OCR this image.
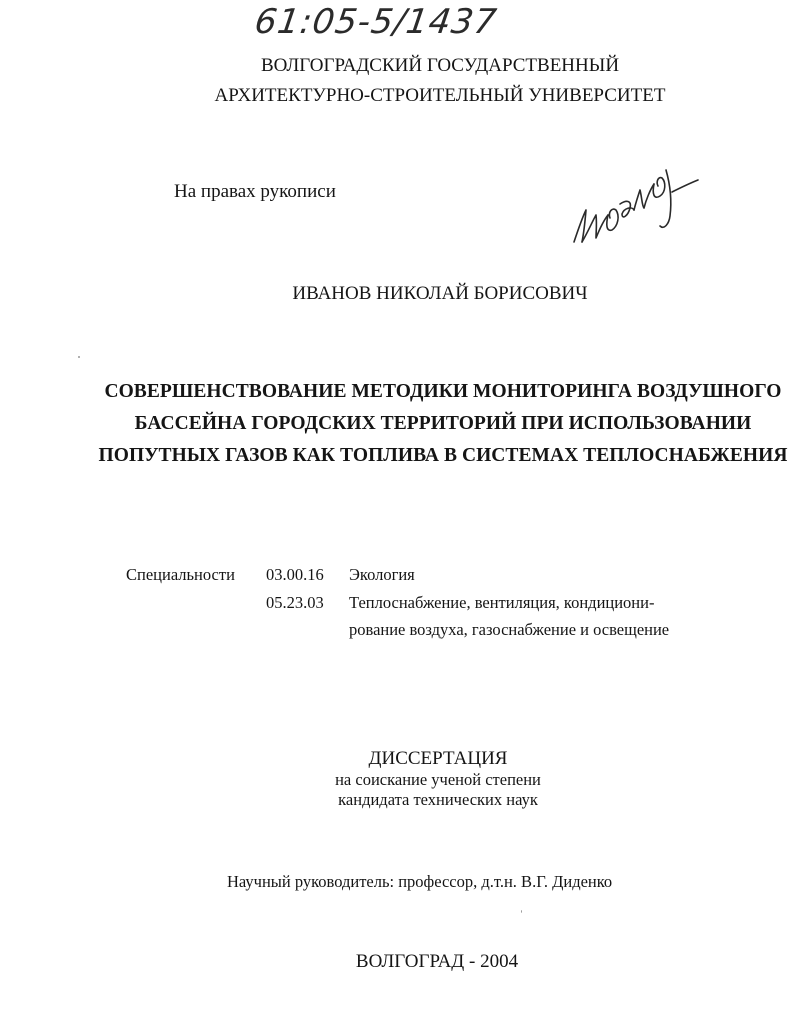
61:05-5/1437
ВОЛГОГРАДСКИЙ ГОСУДАРСТВЕННЫЙ
АРХИТЕКТУРНО-СТРОИТЕЛЬНЫЙ УНИВЕРСИТЕТ
На правах рукописи
ИВАНОВ НИКОЛАЙ БОРИСОВИЧ
СОВЕРШЕНСТВОВАНИЕ МЕТОДИКИ МОНИТОРИНГА ВОЗДУШНОГО
БАССЕЙНА ГОРОДСКИХ ТЕРРИТОРИЙ ПРИ ИСПОЛЬЗОВАНИИ
ПОПУТНЫХ ГАЗОВ КАК ТОПЛИВА В СИСТЕМАХ ТЕПЛОСНАБЖЕНИЯ
Специальности 03.00.16 Экология
05.23.03 Теплоснабжение, вентиляция, кондициони-
рование воздуха, газоснабжение и освещение
ДИССЕРТАЦИЯ
на соискание ученой степени
кандидата технических наук
Научный руководитель: профессор, д.т.н. В.Г. Диденко
ВОЛГОГРАД - 2004
